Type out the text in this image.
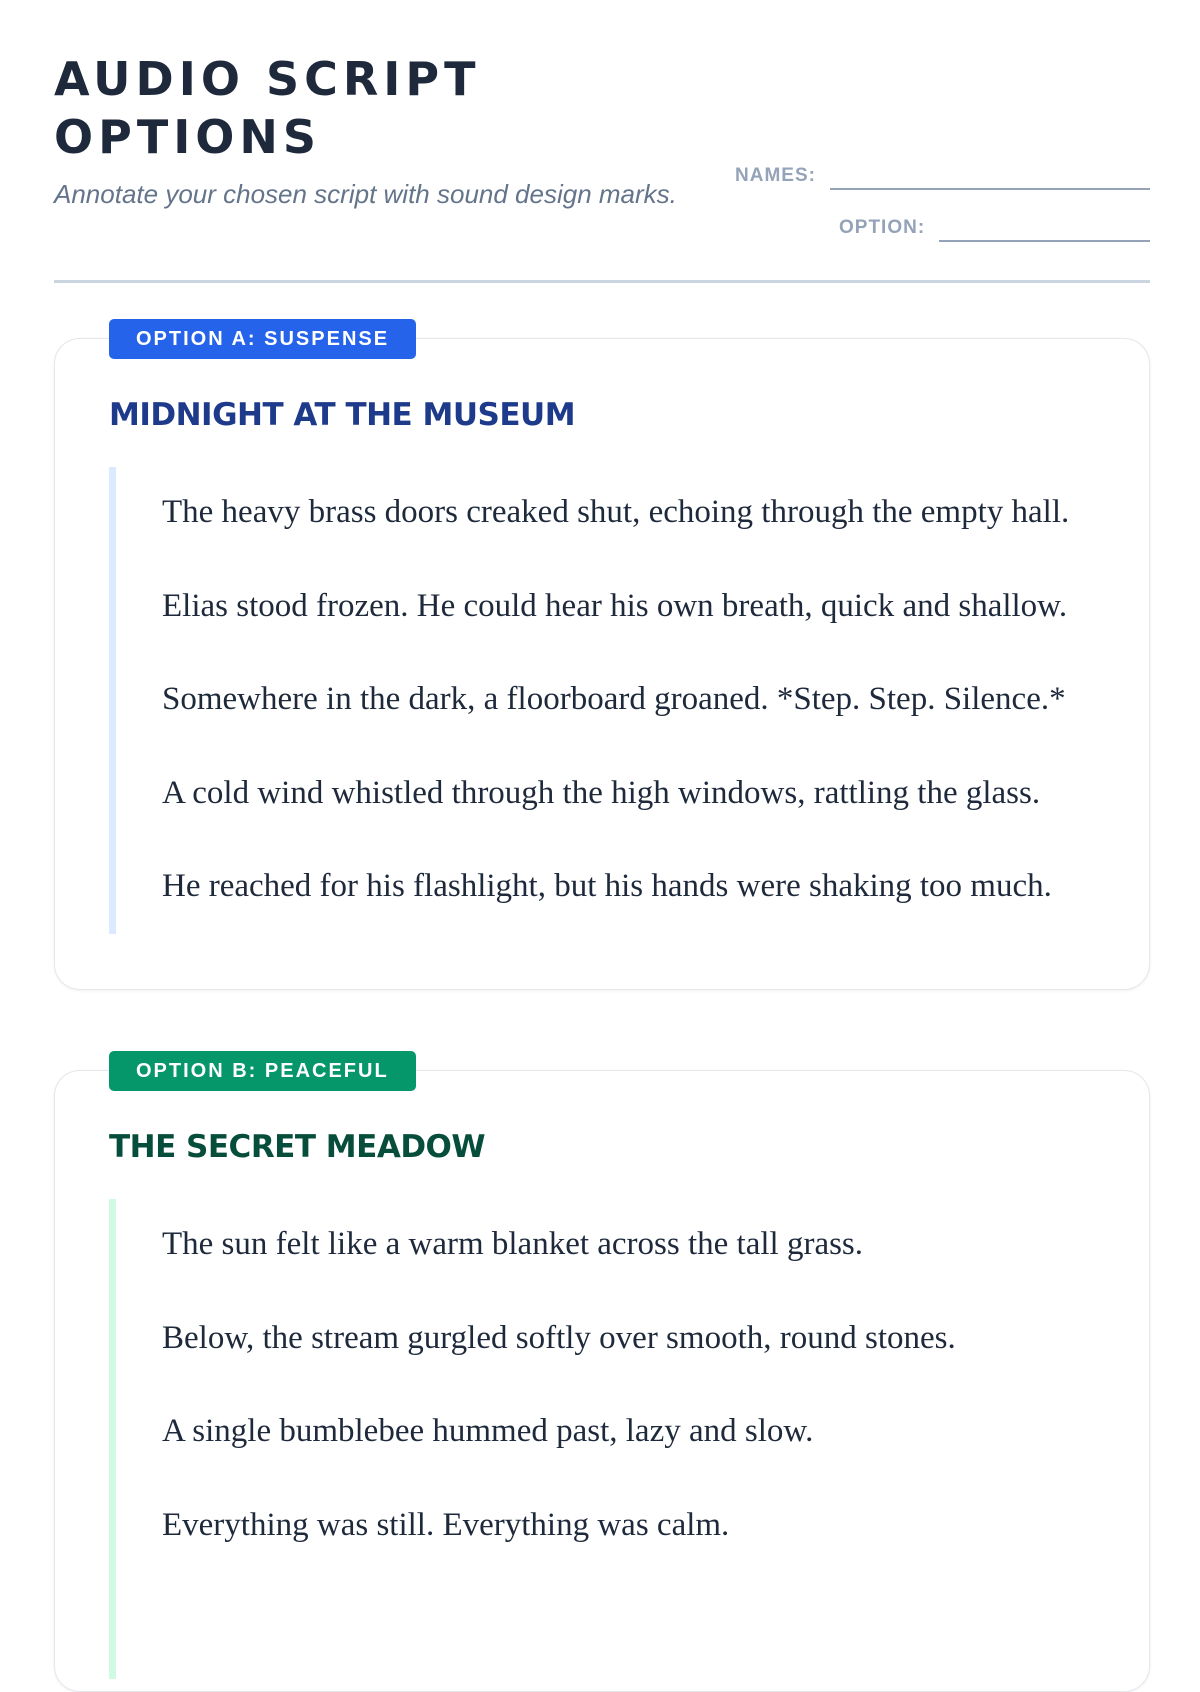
AUDIO SCRIPT
OPTIONS

Annotate your chosen script with sound design marks.

NAMES:
OPTION:
OPTION A: SUSPENSE
MIDNIGHT AT THE MUSEUM

The heavy brass doors creaked shut, echoing through the empty hall.

Elias stood frozen. He could hear his own breath, quick and shallow.

Somewhere in the dark, a floorboard groaned. *Step. Step. Silence.*

A cold wind whistled through the high windows, rattling the glass.

He reached for his flashlight, but his hands were shaking too much.

OPTION B: PEACEFUL
THE SECRET MEADOW

The sun felt like a warm blanket across the tall grass.

Below, the stream gurgled softly over smooth, round stones.

A single bumblebee hummed past, lazy and slow.

Everything was still. Everything was calm.
